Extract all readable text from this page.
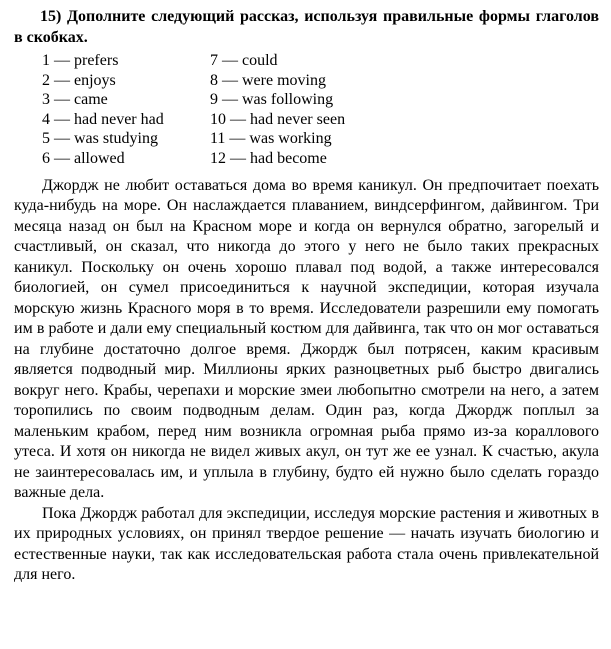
15) Дополните следующий рассказ, используя правильные формы глаголов в скобках.

1 — prefers	7 — could
2 — enjoys	8 — were moving
3 — came	9 — was following
4 — had never had	10 — had never seen
5 — was studying	11 — was working
6 — allowed	12 — had become

Джордж не любит оставаться дома во время каникул. Он предпочитает поехать куда-нибудь на море. Он наслаждается плаванием, виндсерфингом, дайвингом. Три месяца назад он был на Красном море и когда он вернулся обратно, загорелый и счастливый, он сказал, что никогда до этого у него не было таких прекрасных каникул. Поскольку он очень хорошо плавал под водой, а также интересовался биологией, он сумел присоединиться к научной экспедиции, которая изучала морскую жизнь Красного моря в то время. Исследователи разрешили ему помогать им в работе и дали ему специальный костюм для дайвинга, так что он мог оставаться на глубине достаточно долгое время. Джордж был потрясен, каким красивым является подводный мир. Миллионы ярких разноцветных рыб быстро двигались вокруг него. Крабы, черепахи и морские змеи любопытно смотрели на него, а затем торопились по своим подводным делам. Один раз, когда Джордж поплыл за маленьким крабом, перед ним возникла огромная рыба прямо из-за кораллового утеса. И хотя он никогда не видел живых акул, он тут же ее узнал. К счастью, акула не заинтересовалась им, и уплыла в глубину, будто ей нужно было сделать гораздо важные дела.

Пока Джордж работал для экспедиции, исследуя морские растения и животных в их природных условиях, он принял твердое решение — начать изучать биологию и естественные науки, так как исследовательская работа стала очень привлекательной для него.
